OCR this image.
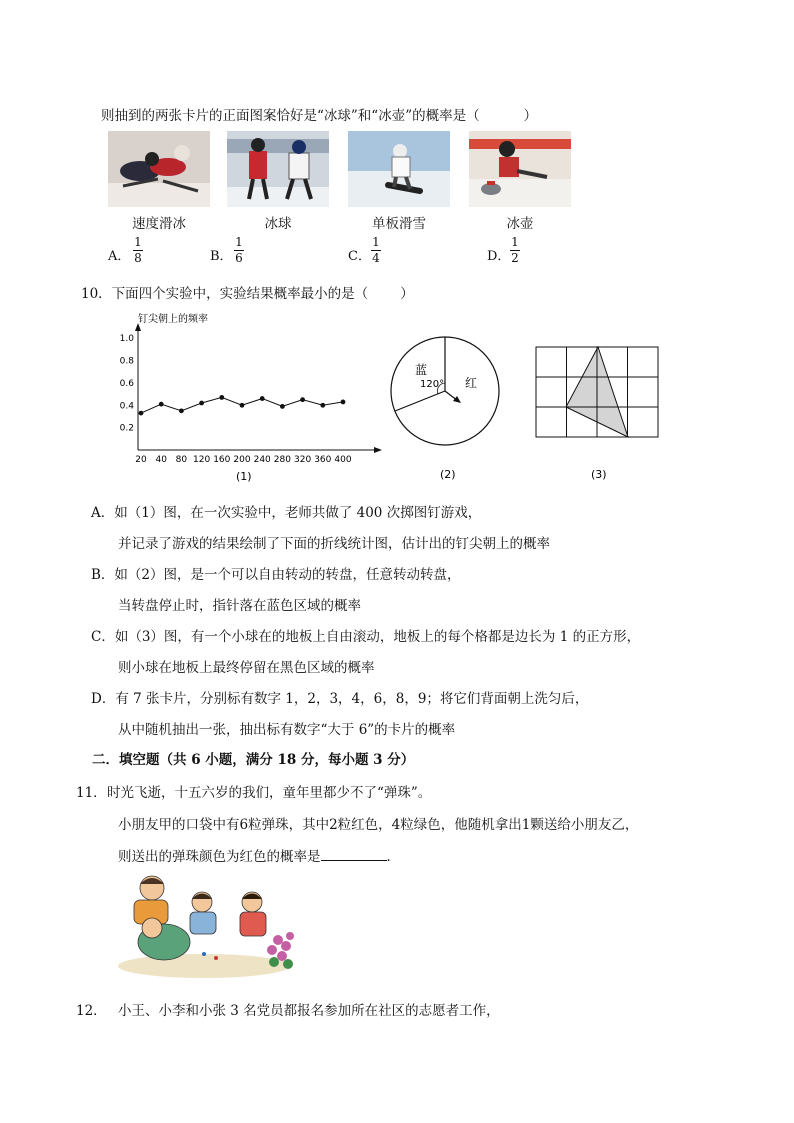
则抽到的两张卡片的正面图案恰好是“冰球”和“冰壶”的概率是（	）
速度滑冰	冰球	单板滑雪	冰壶
A．
1
8	B．
1
6	C．
1
4	D．
1
2
10．下面四个实验中，实验结果概率最小的是（ ）
钉尖朝上的频率
0.2
0.4
0.6
0.8
1.0
20 40 80 120 160 200 240 280 320 360 400
(1)
蓝
120° 红
(2)	(3)
A．如（1）图，在一次实验中，老师共做了 400 次掷图钉游戏，
并记录了游戏的结果绘制了下面的折线统计图，估计出的钉尖朝上的概率
B．如（2）图，是一个可以自由转动的转盘，任意转动转盘，
当转盘停止时，指针落在蓝色区域的概率
C．如（3）图，有一个小球在的地板上自由滚动，地板上的每个格都是边长为 1 的正方形，
则小球在地板上最终停留在黑色区域的概率
D．有 7 张卡片，分别标有数字 1，2，3，4，6，8，9；将它们背面朝上洗匀后，
从中随机抽出一张，抽出标有数字“大于 6”的卡片的概率
二．填空题（共 6 小题，满分 18 分，每小题 3 分）
11． 时光飞逝，十五六岁的我们，童年里都少不了“弹珠”。
小朋友甲的口袋中有6粒弹珠，其中2粒红色，4粒绿色，他随机拿出1颗送给小朋友乙，
则送出的弹珠颜色为红色的概率是	．
12． 小王、小李和小张 3 名党员都报名参加所在社区的志愿者工作，
